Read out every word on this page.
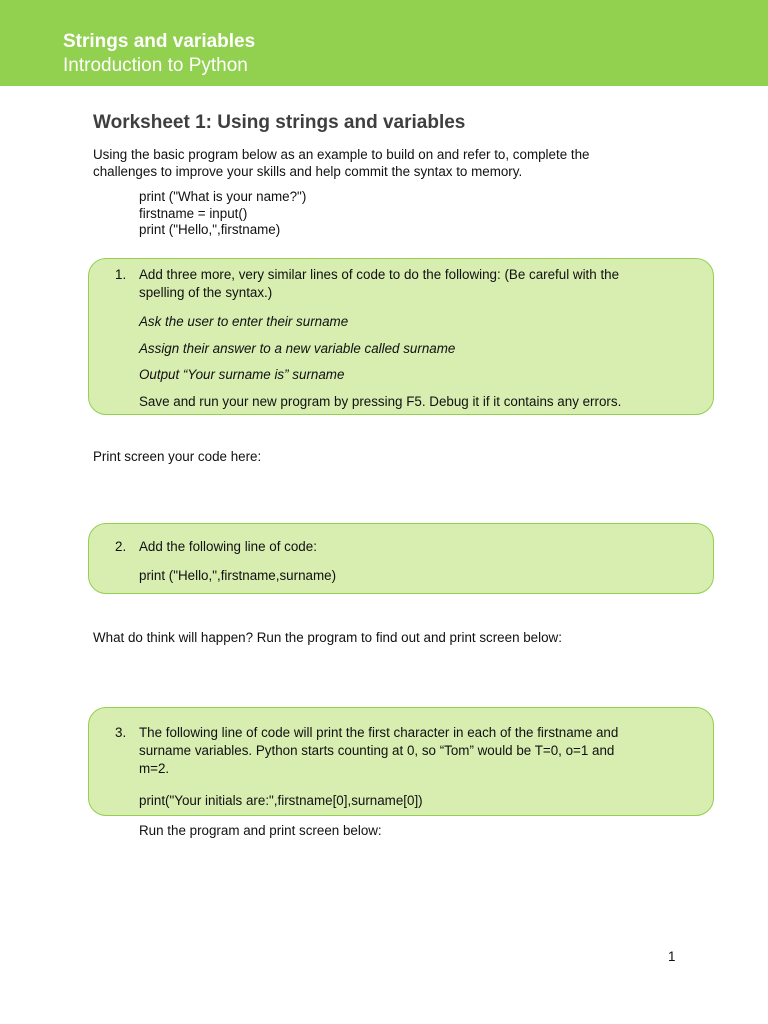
Strings and variables
Introduction to Python
Worksheet 1: Using strings and variables
Using the basic program below as an example to build on and refer to, complete the
challenges to improve your skills and help commit the syntax to memory.
print ("What is your name?")
firstname = input()
print ("Hello,",firstname)
1. Add three more, very similar lines of code to do the following: (Be careful with the
spelling of the syntax.)
Ask the user to enter their surname
Assign their answer to a new variable called surname
Output “Your surname is” surname
Save and run your new program by pressing F5. Debug it if it contains any errors.
Print screen your code here:
2. Add the following line of code:
print ("Hello,",firstname,surname)
What do think will happen? Run the program to find out and print screen below:
3. The following line of code will print the first character in each of the firstname and
surname variables. Python starts counting at 0, so “Tom” would be T=0, o=1 and
m=2.
print("Your initials are:",firstname[0],surname[0])
Run the program and print screen below:
1
